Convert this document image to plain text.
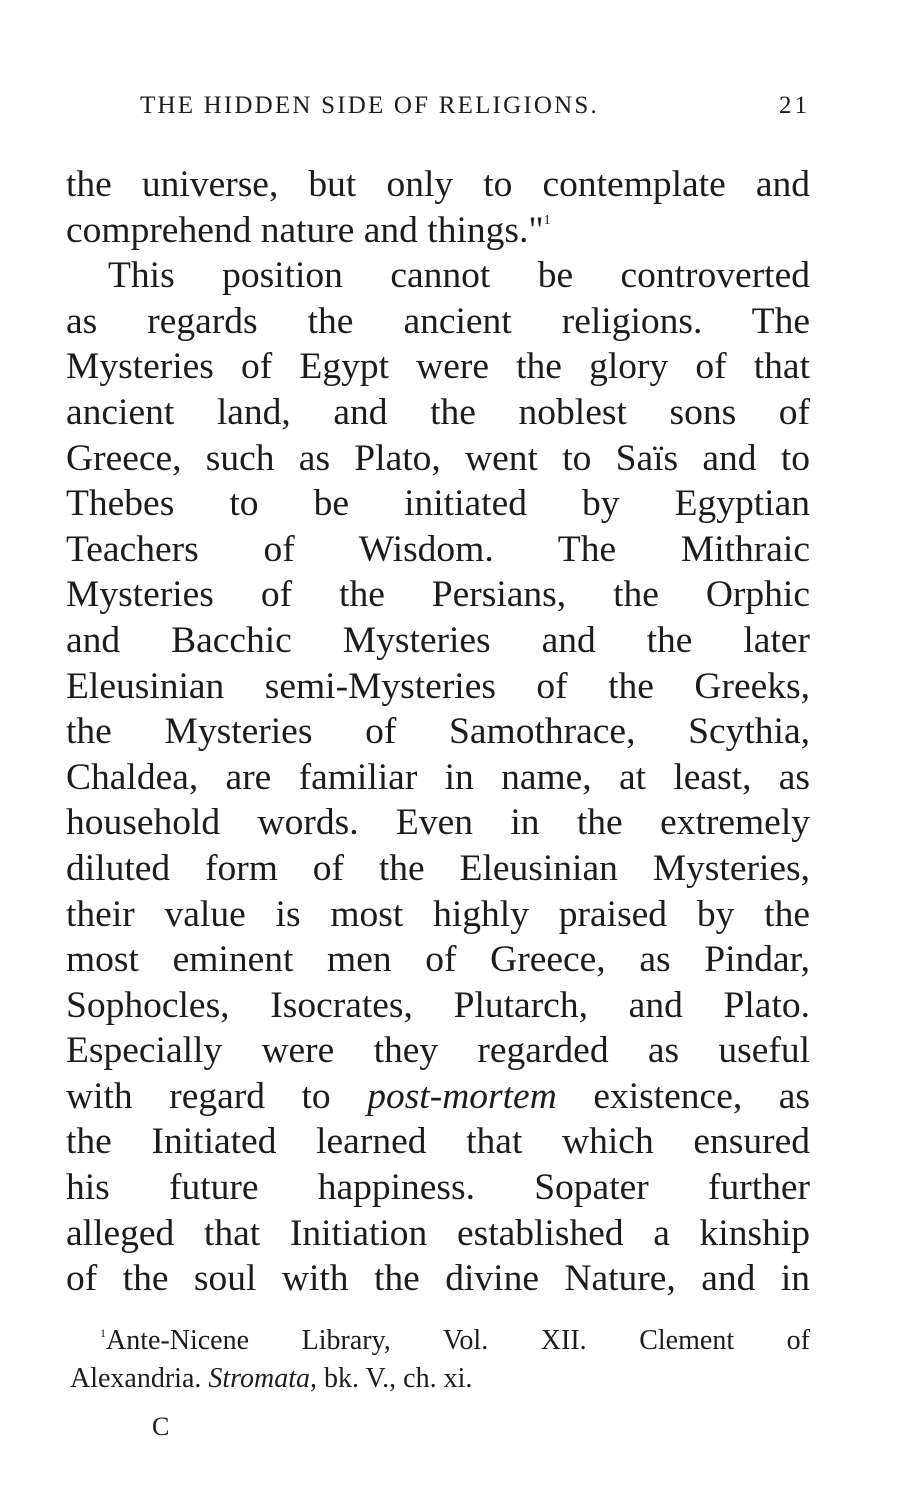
THE HIDDEN SIDE OF RELIGIONS.	21
the universe, but only to contemplate and
comprehend nature and things."$^1$
This position cannot be controverted
as regards the ancient religions. The
Mysteries of Egypt were the glory of that
ancient land, and the noblest sons of
Greece, such as Plato, went to Saïs and to
Thebes to be initiated by Egyptian
Teachers of Wisdom. The Mithraic
Mysteries of the Persians, the Orphic
and Bacchic Mysteries and the later
Eleusinian semi-Mysteries of the Greeks,
the Mysteries of Samothrace, Scythia,
Chaldea, are familiar in name, at least, as
household words. Even in the extremely
diluted form of the Eleusinian Mysteries,
their value is most highly praised by the
most eminent men of Greece, as Pindar,
Sophocles, Isocrates, Plutarch, and Plato.
Especially were they regarded as useful
with regard to post-mortem existence, as
the Initiated learned that which ensured
his future happiness. Sopater further
alleged that Initiation established a kinship
of the soul with the divine Nature, and in
$^1$Ante-Nicene Library, Vol. XII. Clement of
Alexandria. Stromata, bk. V., ch. xi.
C
